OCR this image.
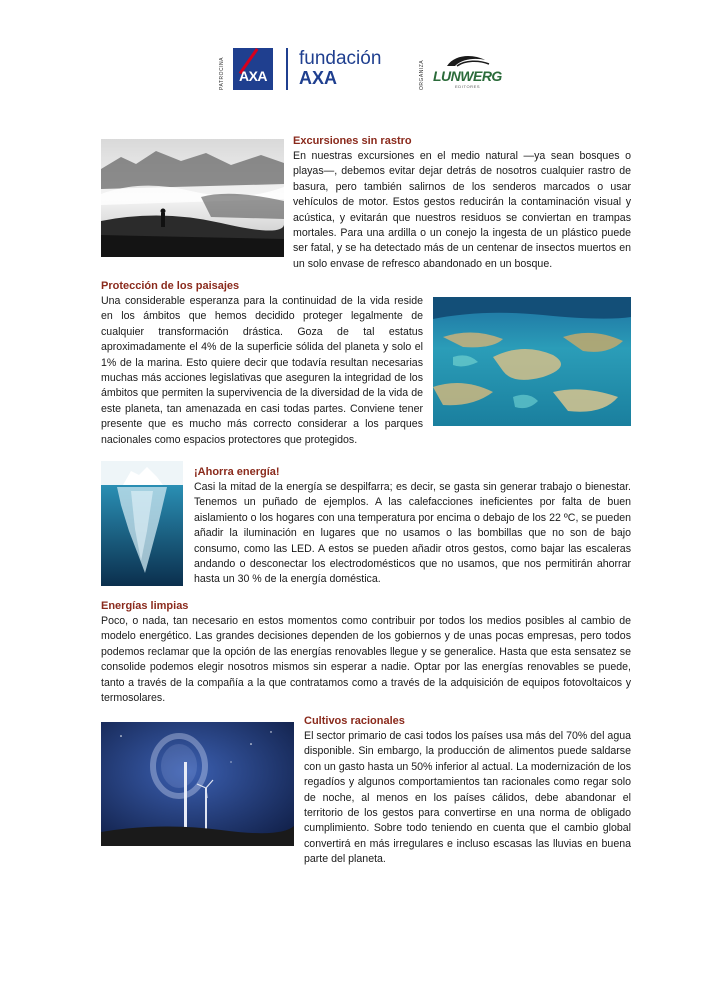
PATROCINA AXA
fundación
AXA	ORGANIZA LUNWERG
EDITORES
Excursiones sin rastro

En nuestras excursiones en el medio natural —ya sean bosques o playas—, debemos evitar dejar detrás de nosotros cualquier rastro de basura, pero también salirnos de los senderos marcados o usar vehículos de motor. Estos gestos reducirán la contaminación visual y acústica, y evitarán que nuestros residuos se conviertan en trampas mortales. Para una ardilla o un conejo la ingesta de un plástico puede ser fatal, y se ha detectado más de un centenar de insectos muertos en un solo envase de refresco abandonado en un bosque.

Protección de los paisajes

Una considerable esperanza para la continuidad de la vida reside en los ámbitos que hemos decidido proteger legalmente de cualquier transformación drástica. Goza de tal estatus aproximadamente el 4% de la superficie sólida del planeta y solo el 1% de la marina. Esto quiere decir que todavía resultan necesarias muchas más acciones legislativas que aseguren la integridad de los ámbitos que permiten la supervivencia de la diversidad de la vida de este planeta, tan amenazada en casi todas partes. Conviene tener presente que es mucho más correcto considerar a los parques nacionales como espacios protectores que protegidos.

¡Ahorra energía!

Casi la mitad de la energía se despilfarra; es decir, se gasta sin generar trabajo o bienestar. Tenemos un puñado de ejemplos. A las calefacciones ineficientes por falta de buen aislamiento o los hogares con una temperatura por encima o debajo de los 22 ºC, se pueden añadir la iluminación en lugares que no usamos o las bombillas que no son de bajo consumo, como las LED. A estos se pueden añadir otros gestos, como bajar las escaleras andando o desconectar los electrodomésticos que no usamos, que nos permitirán ahorrar hasta un 30 % de la energía doméstica.

Energías limpias

Poco, o nada, tan necesario en estos momentos como contribuir por todos los medios posibles al cambio de modelo energético. Las grandes decisiones dependen de los gobiernos y de unas pocas empresas, pero todos podemos reclamar que la opción de las energías renovables llegue y se generalice. Hasta que esta sensatez se consolide podemos elegir nosotros mismos sin esperar a nadie. Optar por las energías renovables se puede, tanto a través de la compañía a la que contratamos como a través de la adquisición de equipos fotovoltaicos y termosolares.

Cultivos racionales

El sector primario de casi todos los países usa más del 70% del agua disponible. Sin embargo, la producción de alimentos puede saldarse con un gasto hasta un 50% inferior al actual. La modernización de los regadíos y algunos comportamientos tan racionales como regar solo de noche, al menos en los países cálidos, debe abandonar el territorio de los gestos para convertirse en una norma de obligado cumplimiento. Sobre todo teniendo en cuenta que el cambio global convertirá en más irregulares e incluso escasas las lluvias en buena parte del planeta.
